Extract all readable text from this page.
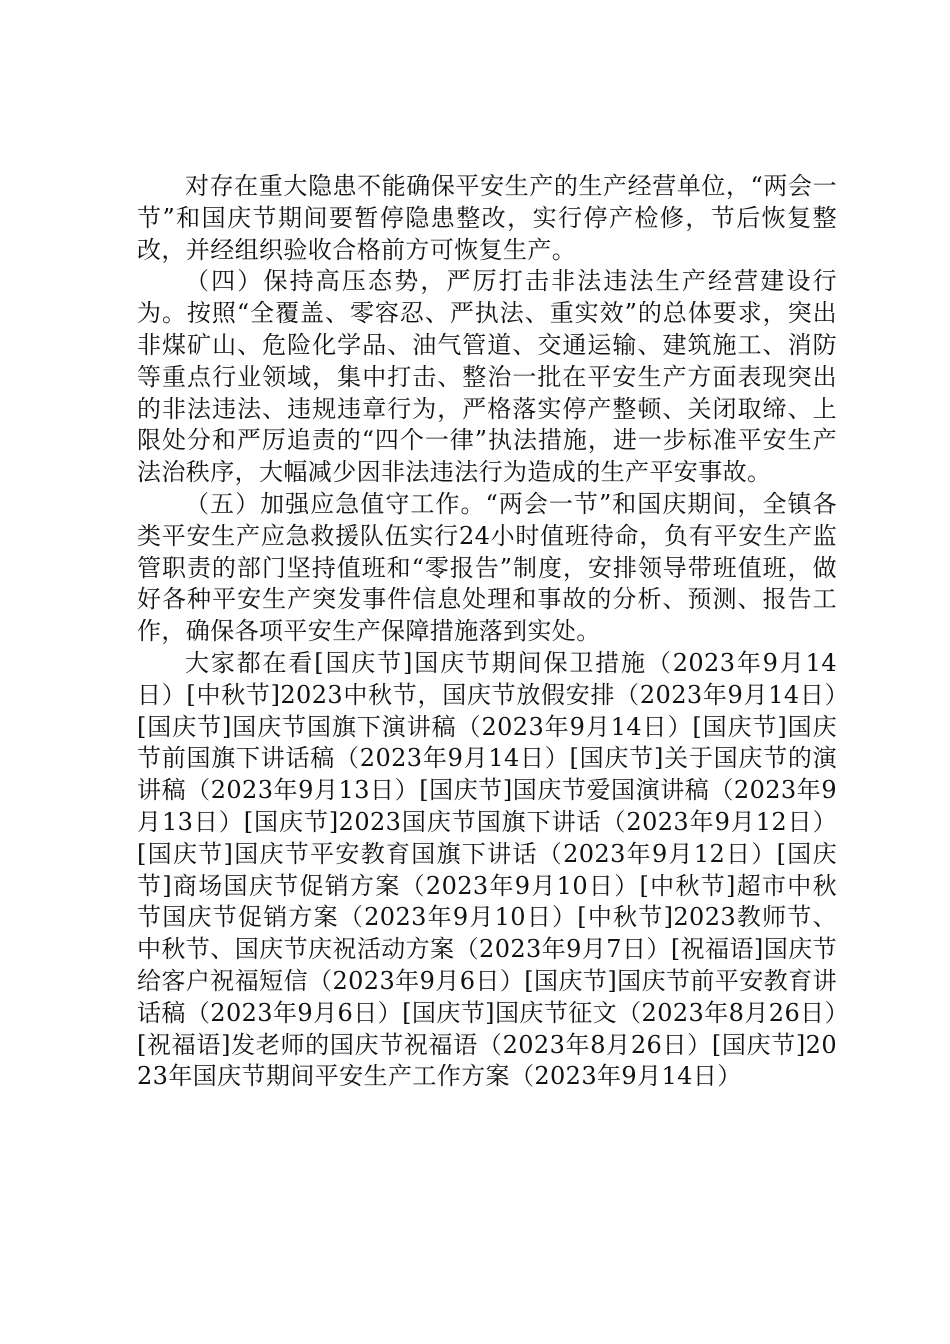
对存在重大隐患不能确保平安生产的生产经营单位，“两会一节”和国庆节期间要暂停隐患整改，实行停产检修，节后恢复整改，并经组织验收合格前方可恢复生产。

（四）保持高压态势，严厉打击非法违法生产经营建设行为。按照“全覆盖、零容忍、严执法、重实效”的总体要求，突出非煤矿山、危险化学品、油气管道、交通运输、建筑施工、消防等重点行业领域，集中打击、整治一批在平安生产方面表现突出的非法违法、违规违章行为，严格落实停产整顿、关闭取缔、上限处分和严厉追责的“四个一律”执法措施，进一步标准平安生产法治秩序，大幅减少因非法违法行为造成的生产平安事故。

（五）加强应急值守工作。“两会一节”和国庆期间，全镇各类平安生产应急救援队伍实行24小时值班待命，负有平安生产监管职责的部门坚持值班和“零报告”制度，安排领导带班值班，做好各种平安生产突发事件信息处理和事故的分析、预测、报告工作，确保各项平安生产保障措施落到实处。

大家都在看[国庆节]国庆节期间保卫措施（2023年9月14日）[中秋节]2023中秋节，国庆节放假安排（2023年9月14日）[国庆节]国庆节国旗下演讲稿（2023年9月14日）[国庆节]国庆节前国旗下讲话稿（2023年9月14日）[国庆节]关于国庆节的演讲稿（2023年9月13日）[国庆节]国庆节爱国演讲稿（2023年9月13日）[国庆节]2023国庆节国旗下讲话（2023年9月12日）[国庆节]国庆节平安教育国旗下讲话（2023年9月12日）[国庆节]商场国庆节促销方案（2023年9月10日）[中秋节]超市中秋节国庆节促销方案（2023年9月10日）[中秋节]2023教师节、中秋节、国庆节庆祝活动方案（2023年9月7日）[祝福语]国庆节给客户祝福短信（2023年9月6日）[国庆节]国庆节前平安教育讲话稿（2023年9月6日）[国庆节]国庆节征文（2023年8月26日）[祝福语]发老师的国庆节祝福语（2023年8月26日）[国庆节]2023年国庆节期间平安生产工作方案（2023年9月14日）
